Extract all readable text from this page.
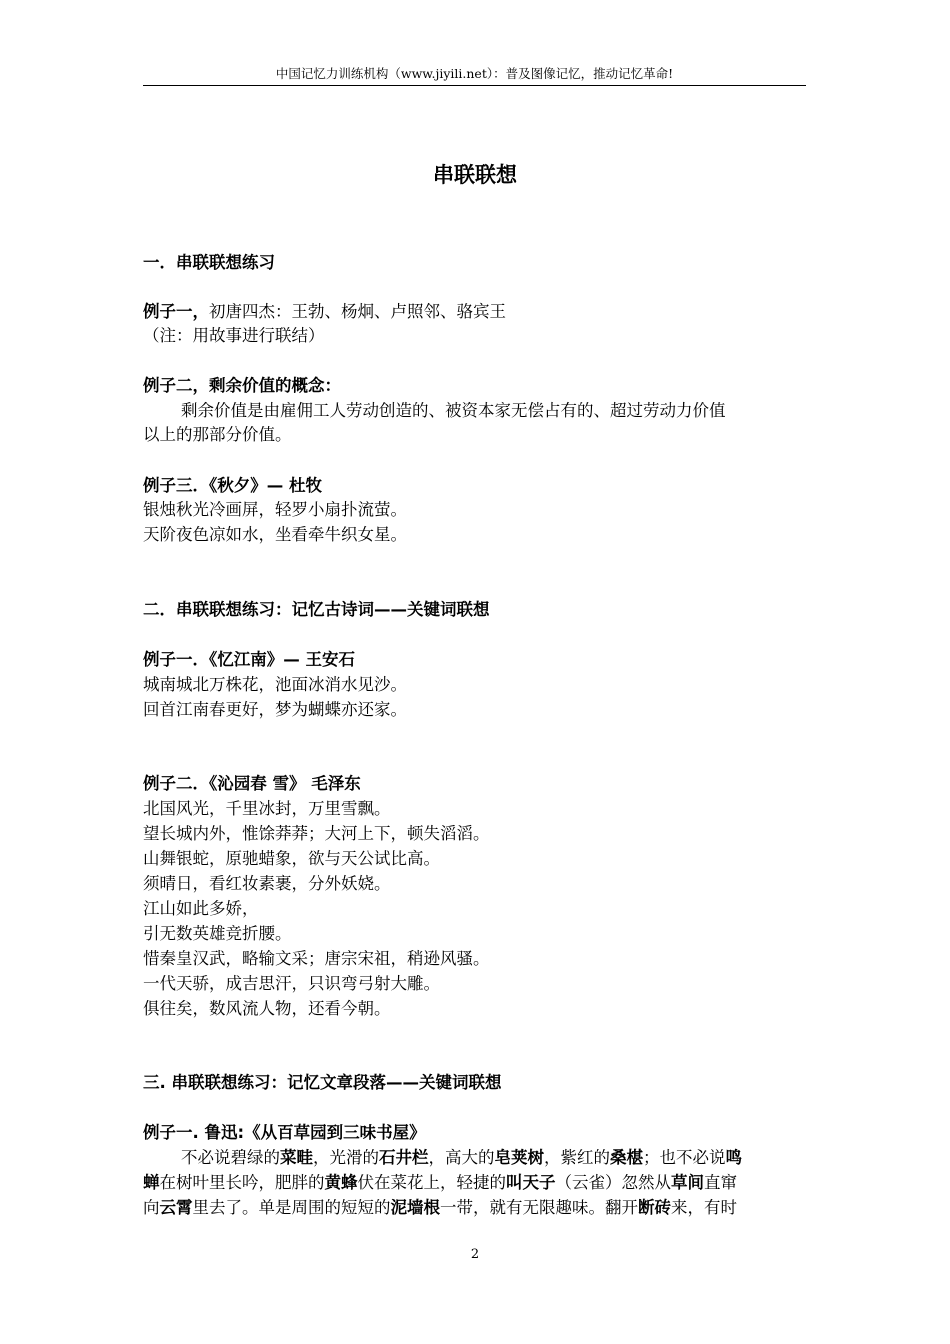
中国记忆力训练机构（www.jiyili.net）：普及图像记忆，推动记忆革命!
串联联想
一．串联联想练习
例子一，初唐四杰：王勃、杨炯、卢照邻、骆宾王
（注：用故事进行联结）
例子二，剩余价值的概念：
剩余价值是由雇佣工人劳动创造的、被资本家无偿占有的、超过劳动力价值
以上的那部分价值。
例子三．《秋夕》— 杜牧
银烛秋光冷画屏，轻罗小扇扑流萤。
天阶夜色凉如水，坐看牵牛织女星。
二．串联联想练习：记忆古诗词——关键词联想
例子一．《忆江南》— 王安石
城南城北万株花，池面冰消水见沙。
回首江南春更好，梦为蝴蝶亦还家。
例子二．《沁园春 雪》 毛泽东
北国风光，千里冰封，万里雪飘。
望长城内外，惟馀莽莽；大河上下，顿失滔滔。
山舞银蛇，原驰蜡象，欲与天公试比高。
须晴日，看红妆素裹，分外妖娆。
江山如此多娇，
引无数英雄竞折腰。
惜秦皇汉武，略输文采；唐宗宋祖，稍逊风骚。
一代天骄，成吉思汗，只识弯弓射大雕。
俱往矣，数风流人物，还看今朝。
三. 串联联想练习：记忆文章段落——关键词联想
例子一. 鲁迅:《从百草园到三味书屋》
不必说碧绿的菜畦，光滑的石井栏，高大的皂荚树，紫红的桑椹；也不必说鸣
蝉在树叶里长吟，肥胖的黄蜂伏在菜花上，轻捷的叫天子（云雀）忽然从草间直窜
向云霄里去了。单是周围的短短的泥墙根一带，就有无限趣味。翻开断砖来，有时
2
